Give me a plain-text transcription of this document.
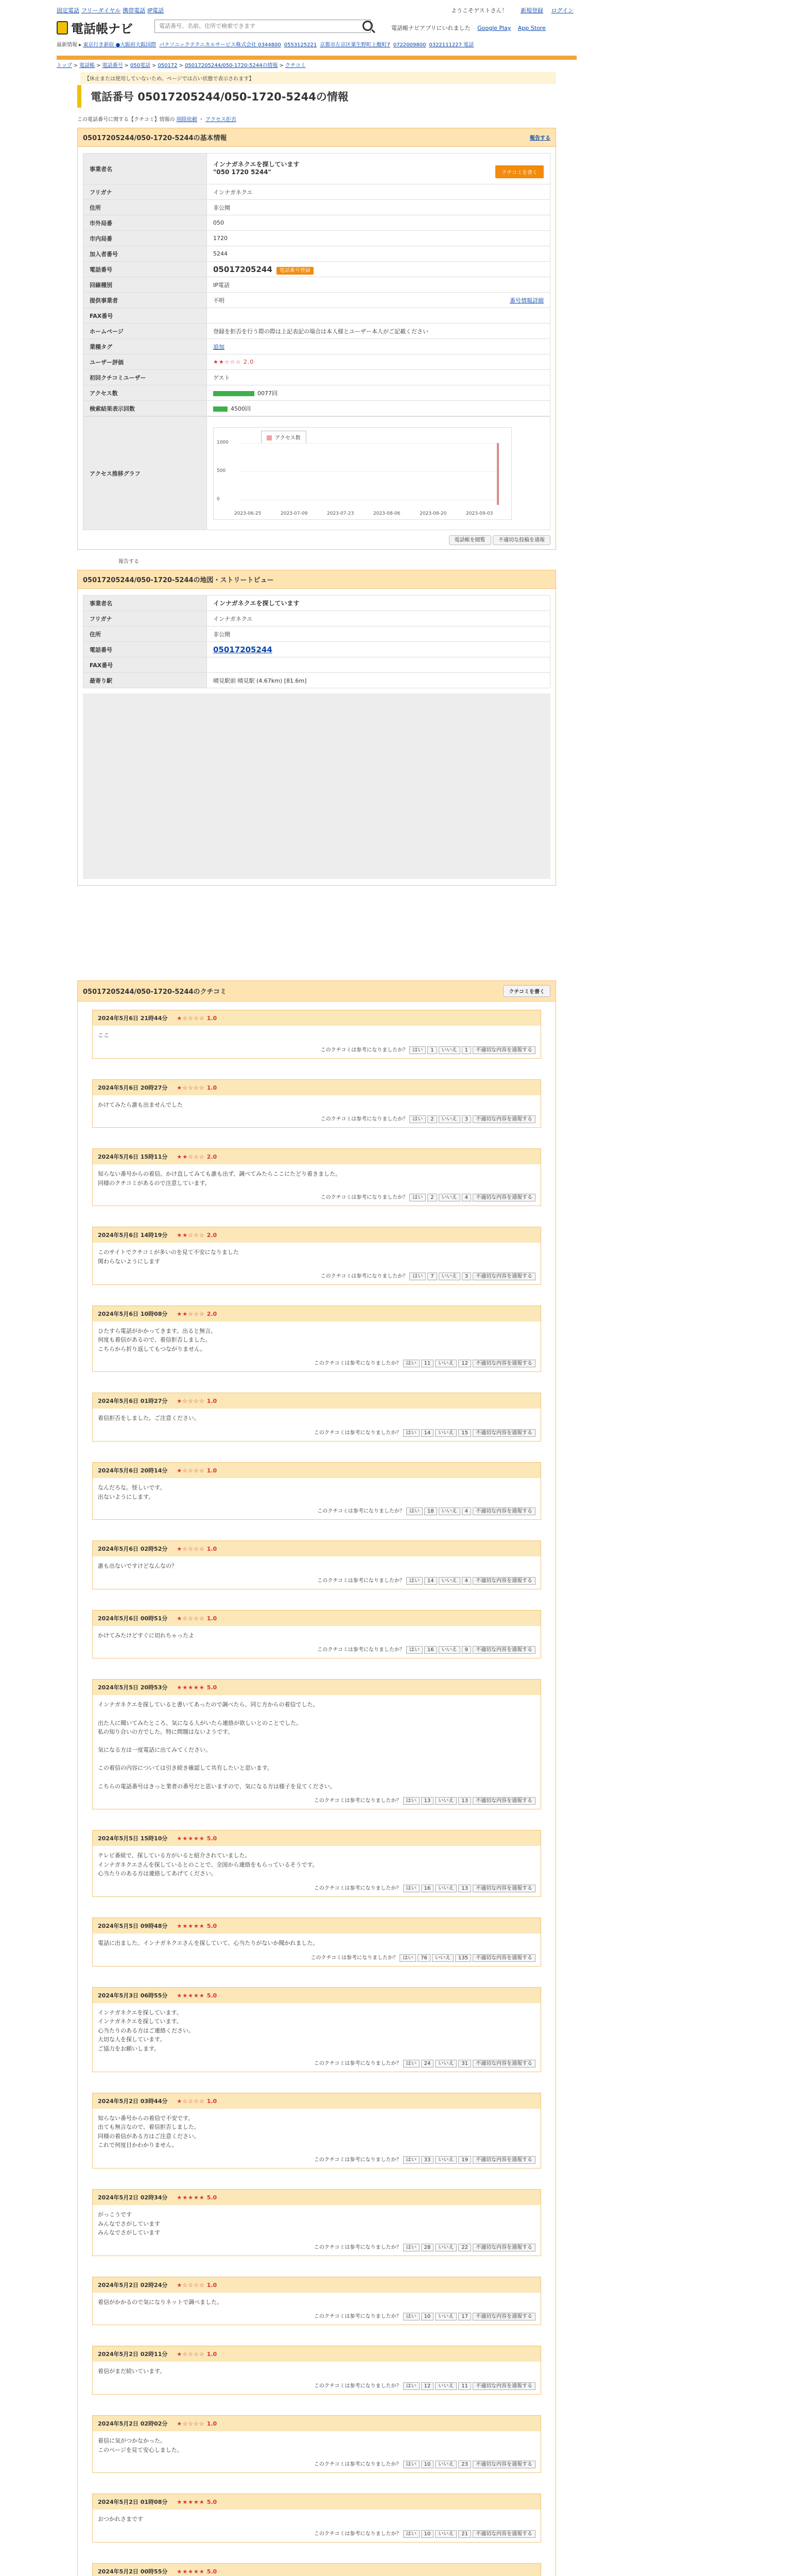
固定電話 フリーダイヤル 携帯電話 IP電話	ようこそゲストさん！ 新規登録 ログイン
電話帳ナビ
電話番号、名前、住所で検索できます	電話帳ナビアプリにいれました Google Play App Store
最新情報 ▸ 東京行き新宿 ●大阪府大阪国際 パナソニックテクニカルサービス株式会社 0344800 0553125221 京都市左京区粟生野町上醍町7 0722009800 0322111227 電話
トップ > 電話帳 > 電話番号 > 050電話 > 050172 > 05017205244/050-1720-5244の情報 > クチコミ
【休止または使用していないため、ページでは古い状態で表示されます】
電話番号 05017205244/050-1720-5244の情報
この電話番号に関する【クチコミ】情報の 削除依頼 ・ アクセス拒否
05017205244/050-1720-5244の基本情報	報告する
事業者名	インナガネクエを探しています
"050 1720 5244" クチコミを書く

フリガナ	インナガネクエ
住所	非公開
市外局番	050
市内局番	1720
加入者番号	5244
電話番号	05017205244 電話番号登録
回線種別	IP電話
提供事業者	不明 番号情報詳細

FAX番号	
ホームページ	登録を拒否を行う際の際は上記表記の場合は本人様とユーザー本人がご記載ください
業種タグ	追加
ユーザー評価	★★☆☆☆ 2.0
初回クチコミユーザー	ゲスト
アクセス数	0077回
検索結果表示回数	4500回
アクセス推移グラフ	
アクセス数
1000
500
0
2023-06-25	2023-07-09	2023-07-23	2023-08-06	2023-08-20	2023-09-03
電話帳を閲覧	不適切な投稿を通報
報告する
05017205244/050-1720-5244の地図・ストリートビュー
事業者名	インナガネクエを探しています
フリガナ	インナガネクエ
住所	非公開
電話番号	05017205244
FAX番号	
最寄り駅	晴見駅前 晴見駅 (4.67km) [81.6m]
05017205244/050-1720-5244のクチコミ	クチコミを書く
2024年5月6日 21時44分 ★☆☆☆☆ 1.0
ここ
このクチコミは参考になりましたか？ はい 1 いいえ 1 不適切な内容を通報する
2024年5月6日 20時27分 ★☆☆☆☆ 1.0
かけてみたら誰も出ませんでした
このクチコミは参考になりましたか？ はい 2 いいえ 3 不適切な内容を通報する
2024年5月6日 15時11分 ★★☆☆☆ 2.0
知らない番号からの着信。かけ直してみても誰も出ず、調べてみたらここにたどり着きました。
同様のクチコミがあるので注意しています。
このクチコミは参考になりましたか？ はい 2 いいえ 4 不適切な内容を通報する
2024年5月6日 14時19分 ★★☆☆☆ 2.0
このサイトでクチコミが多いのを見て不安になりました
関わらないようにします
このクチコミは参考になりましたか？ はい 7 いいえ 3 不適切な内容を通報する
2024年5月6日 10時08分 ★★☆☆☆ 2.0
ひたすら電話がかかってきます。出ると無言。
何度も着信があるので、着信拒否しました。
こちらから折り返してもつながりません。
このクチコミは参考になりましたか？ はい 11 いいえ 12 不適切な内容を通報する
2024年5月6日 01時27分 ★☆☆☆☆ 1.0
着信拒否をしました。ご注意ください。
このクチコミは参考になりましたか？ はい 14 いいえ 15 不適切な内容を通報する
2024年5月6日 20時14分 ★☆☆☆☆ 1.0
なんだろな。怪しいです。
出ないようにします。
このクチコミは参考になりましたか？ はい 18 いいえ 4 不適切な内容を通報する
2024年5月6日 02時52分 ★☆☆☆☆ 1.0
誰も出ないですけどなんなの？
このクチコミは参考になりましたか？ はい 14 いいえ 4 不適切な内容を通報する
2024年5月6日 00時51分 ★☆☆☆☆ 1.0
かけてみたけどすぐに切れちゃったよ
このクチコミは参考になりましたか？ はい 16 いいえ 9 不適切な内容を通報する
2024年5月5日 20時53分 ★★★★★ 5.0
インナガネクエを探していると書いてあったので調べたら、同じ方からの着信でした。

出た人に聞いてみたところ、気になる人がいたら連絡が欲しいとのことでした。
私の知り合いの方でした。特に問題はないようです。

気になる方は一度電話に出てみてください。

この着信の内容については引き続き確認して共有したいと思います。

こちらの電話番号はきっと業者の番号だと思いますので、気になる方は様子を見てください。
このクチコミは参考になりましたか？ はい 13 いいえ 13 不適切な内容を通報する
2024年5月5日 15時10分 ★★★★★ 5.0
テレビ番組で、探している方がいると紹介されていました。
インナガネクエさんを探しているとのことで、全国から連絡をもらっているそうです。
心当たりのある方は連絡してあげてください。
このクチコミは参考になりましたか？ はい 16 いいえ 13 不適切な内容を通報する
2024年5月5日 09時48分 ★★★★★ 5.0
電話に出ました。インナガネクエさんを探していて、心当たりがないか聞かれました。
このクチコミは参考になりましたか？ はい 76 いいえ 135 不適切な内容を通報する
2024年5月3日 06時55分 ★★★★★ 5.0
インナガネクエを探しています。
インナガネクエを探しています。
心当たりのある方はご連絡ください。
大切な人を探しています。
ご協力をお願いします。
このクチコミは参考になりましたか？ はい 24 いいえ 31 不適切な内容を通報する
2024年5月2日 03時44分 ★☆☆☆☆ 1.0
知らない番号からの着信で不安です。
出ても無言なので、着信拒否しました。
同様の着信がある方はご注意ください。
これで何度目かわかりません。
このクチコミは参考になりましたか？ はい 33 いいえ 19 不適切な内容を通報する
2024年5月2日 02時34分 ★★★★★ 5.0
がっこうです
みんなでさがしています
みんなでさがしています
このクチコミは参考になりましたか？ はい 28 いいえ 22 不適切な内容を通報する
2024年5月2日 02時24分 ★☆☆☆☆ 1.0
着信がかかるので気になりネットで調べました。
このクチコミは参考になりましたか？ はい 10 いいえ 17 不適切な内容を通報する
2024年5月2日 02時11分 ★☆☆☆☆ 1.0
着信がまだ続いています。
このクチコミは参考になりましたか？ はい 12 いいえ 11 不適切な内容を通報する
2024年5月2日 02時02分 ★☆☆☆☆ 1.0
着信に気がつかなかった。
このページを見て安心しました。
このクチコミは参考になりましたか？ はい 10 いいえ 23 不適切な内容を通報する
2024年5月2日 01時08分 ★★★★★ 5.0
おつかれさまです
このクチコミは参考になりましたか？ はい 10 いいえ 21 不適切な内容を通報する
2024年5月2日 00時55分 ★★★★★ 5.0
